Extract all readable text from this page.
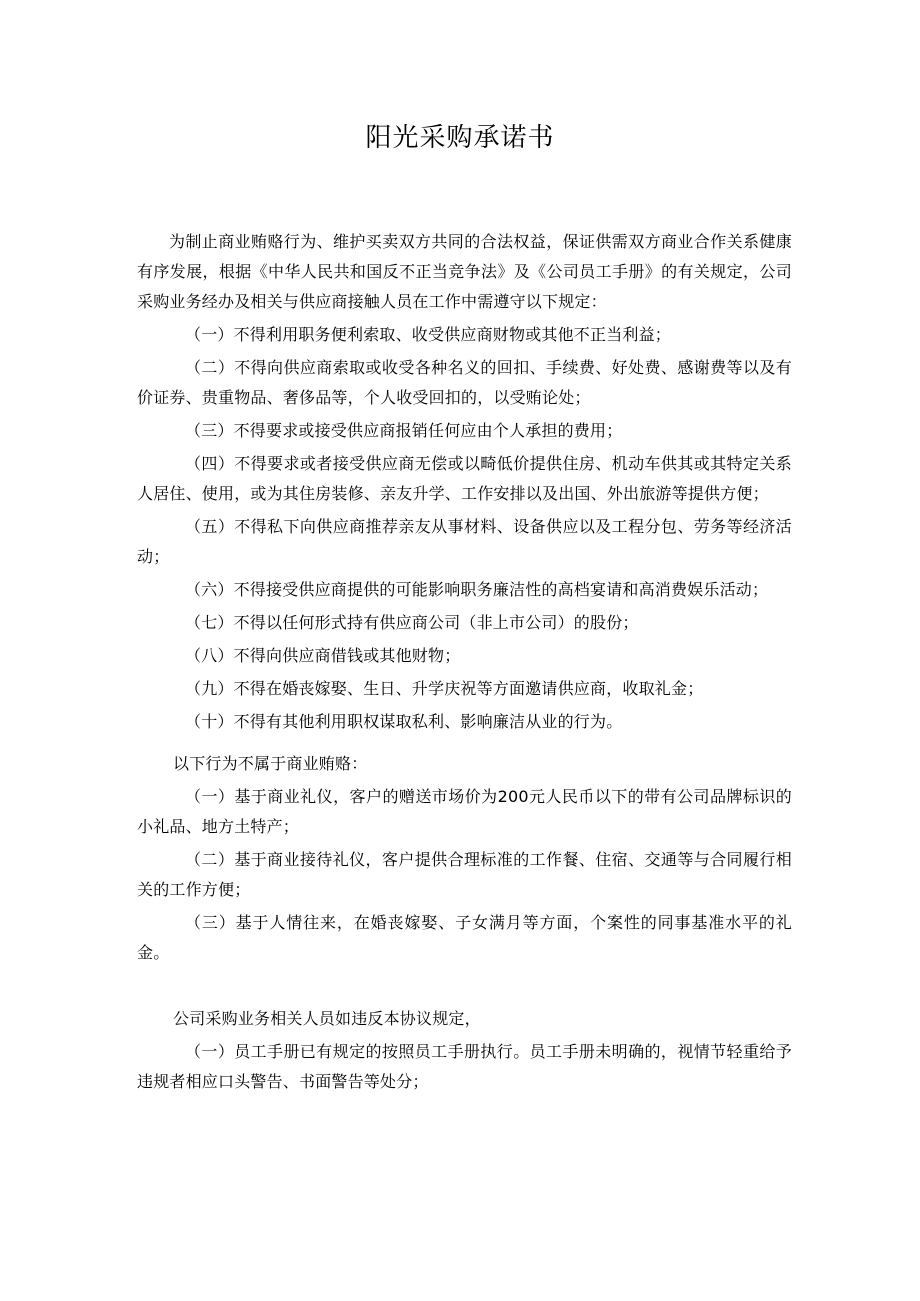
阳光采购承诺书

为制止商业贿赂行为、维护买卖双方共同的合法权益，保证供需双方商业合作关系健康有序发展，根据《中华人民共和国反不正当竞争法》及《公司员工手册》的有关规定，公司采购业务经办及相关与供应商接触人员在工作中需遵守以下规定：

（一）不得利用职务便利索取、收受供应商财物或其他不正当利益；

（二）不得向供应商索取或收受各种名义的回扣、手续费、好处费、感谢费等以及有价证券、贵重物品、奢侈品等，个人收受回扣的，以受贿论处；

（三）不得要求或接受供应商报销任何应由个人承担的费用；

（四）不得要求或者接受供应商无偿或以畸低价提供住房、机动车供其或其特定关系人居住、使用，或为其住房装修、亲友升学、工作安排以及出国、外出旅游等提供方便；

（五）不得私下向供应商推荐亲友从事材料、设备供应以及工程分包、劳务等经济活动；

（六）不得接受供应商提供的可能影响职务廉洁性的高档宴请和高消费娱乐活动；

（七）不得以任何形式持有供应商公司（非上市公司）的股份；

（八）不得向供应商借钱或其他财物；

（九）不得在婚丧嫁娶、生日、升学庆祝等方面邀请供应商，收取礼金；

（十）不得有其他利用职权谋取私利、影响廉洁从业的行为。

以下行为不属于商业贿赂：

（一）基于商业礼仪，客户的赠送市场价为200元人民币以下的带有公司品牌标识的小礼品、地方土特产；

（二）基于商业接待礼仪，客户提供合理标准的工作餐、住宿、交通等与合同履行相关的工作方便；

（三）基于人情往来，在婚丧嫁娶、子女满月等方面，个案性的同事基准水平的礼金。

公司采购业务相关人员如违反本协议规定，

（一）员工手册已有规定的按照员工手册执行。员工手册未明确的，视情节轻重给予违规者相应口头警告、书面警告等处分；
